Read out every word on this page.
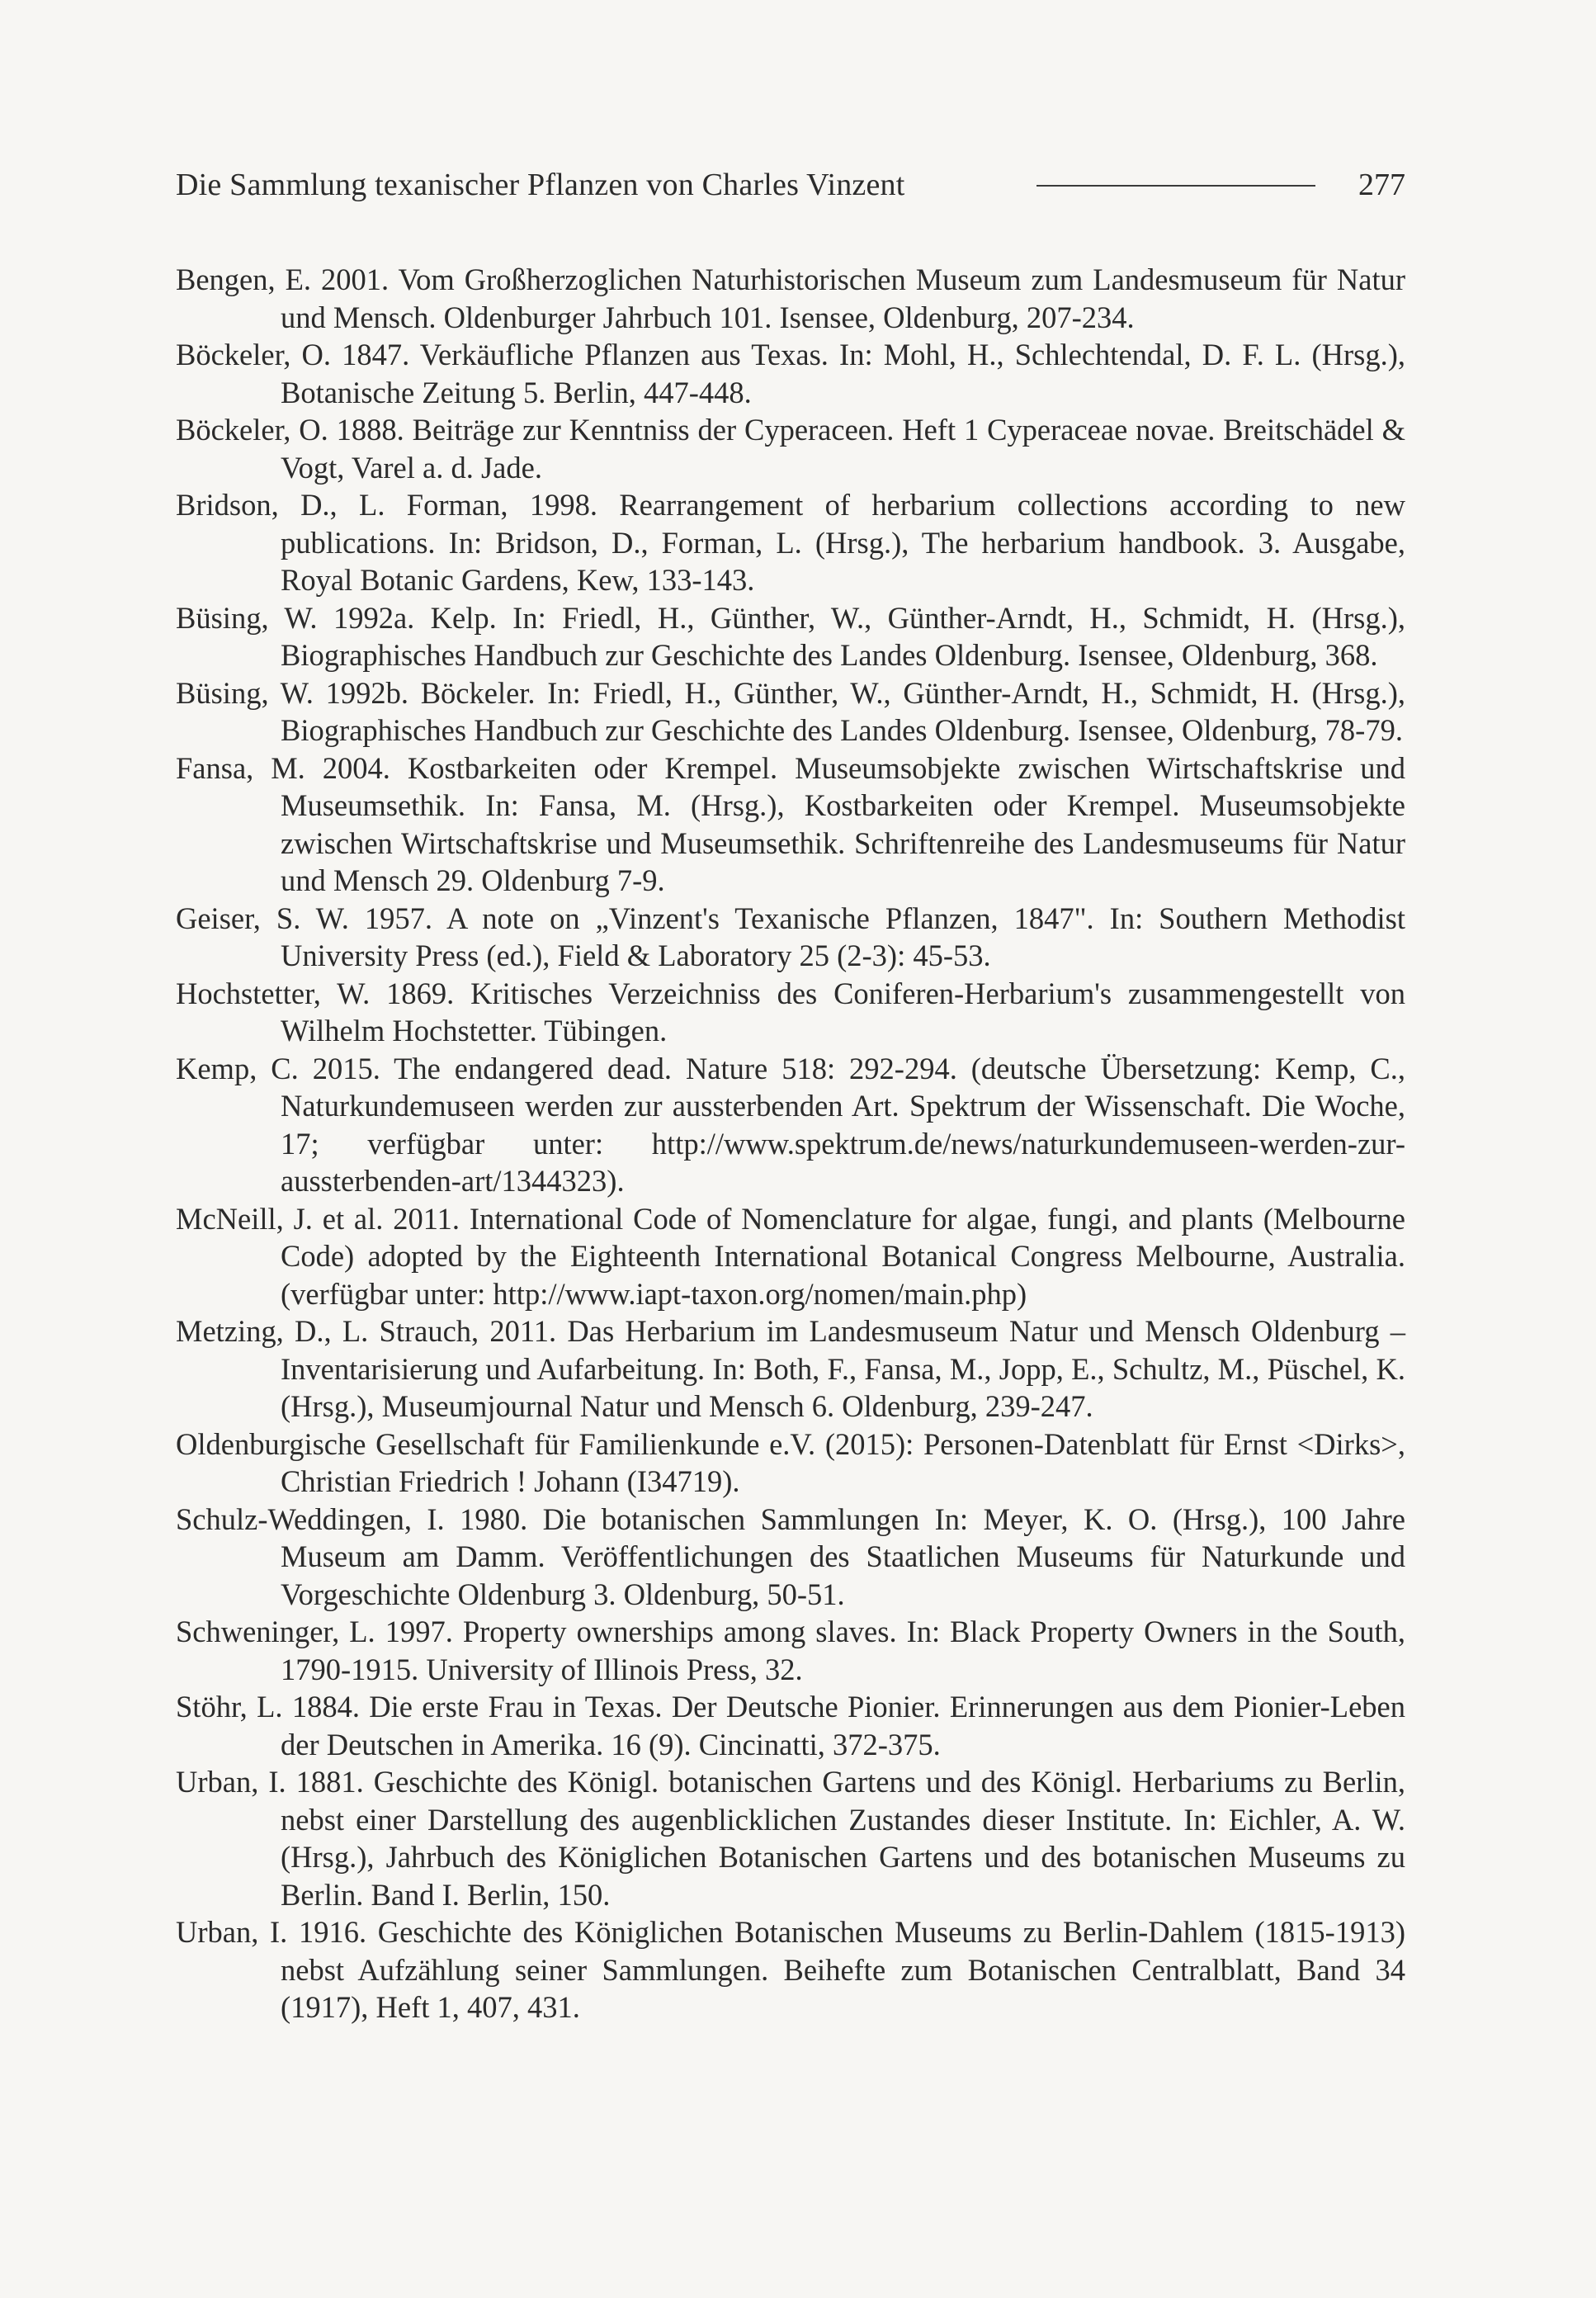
Die Sammlung texanischer Pflanzen von Charles Vinzent	277
Bengen, E. 2001. Vom Großherzoglichen Naturhistorischen Museum zum Landesmuseum für Natur und Mensch. Oldenburger Jahrbuch 101. Isensee, Oldenburg, 207-234.
Böckeler, O. 1847. Verkäufliche Pflanzen aus Texas. In: Mohl, H., Schlechtendal, D. F. L. (Hrsg.), Botanische Zeitung 5. Berlin, 447-448.
Böckeler, O. 1888. Beiträge zur Kenntniss der Cyperaceen. Heft 1 Cyperaceae novae. Breitschädel & Vogt, Varel a. d. Jade.
Bridson, D., L. Forman, 1998. Rearrangement of herbarium collections according to new publications. In: Bridson, D., Forman, L. (Hrsg.), The herbarium handbook. 3. Ausgabe, Royal Botanic Gardens, Kew, 133-143.
Büsing, W. 1992a. Kelp. In: Friedl, H., Günther, W., Günther-Arndt, H., Schmidt, H. (Hrsg.), Biographisches Handbuch zur Geschichte des Landes Oldenburg. Isensee, Oldenburg, 368.
Büsing, W. 1992b. Böckeler. In: Friedl, H., Günther, W., Günther-Arndt, H., Schmidt, H. (Hrsg.), Biographisches Handbuch zur Geschichte des Landes Oldenburg. Isensee, Oldenburg, 78-79.
Fansa, M. 2004. Kostbarkeiten oder Krempel. Museumsobjekte zwischen Wirtschaftskrise und Museumsethik. In: Fansa, M. (Hrsg.), Kostbarkeiten oder Krempel. Museumsobjekte zwischen Wirtschaftskrise und Museumsethik. Schriftenreihe des Landesmuseums für Natur und Mensch 29. Oldenburg 7-9.
Geiser, S. W. 1957. A note on „Vinzent's Texanische Pflanzen, 1847". In: Southern Methodist University Press (ed.), Field & Laboratory 25 (2-3): 45-53.
Hochstetter, W. 1869. Kritisches Verzeichniss des Coniferen-Herbarium's zusammengestellt von Wilhelm Hochstetter. Tübingen.
Kemp, C. 2015. The endangered dead. Nature 518: 292-294. (deutsche Übersetzung: Kemp, C., Naturkundemuseen werden zur aussterbenden Art. Spektrum der Wissenschaft. Die Woche, 17; verfügbar unter: http://www.spektrum.de/news/naturkundemuseen-werden-zur-aussterbenden-art/1344323).
McNeill, J. et al. 2011. International Code of Nomenclature for algae, fungi, and plants (Melbourne Code) adopted by the Eighteenth International Botanical Congress Melbourne, Australia. (verfügbar unter: http://www.iapt-taxon.org/nomen/main.php)
Metzing, D., L. Strauch, 2011. Das Herbarium im Landesmuseum Natur und Mensch Oldenburg – Inventarisierung und Aufarbeitung. In: Both, F., Fansa, M., Jopp, E., Schultz, M., Püschel, K. (Hrsg.), Museumjournal Natur und Mensch 6. Oldenburg, 239-247.
Oldenburgische Gesellschaft für Familienkunde e.V. (2015): Personen-Datenblatt für Ernst <Dirks>, Christian Friedrich ! Johann (I34719).
Schulz-Weddingen, I. 1980. Die botanischen Sammlungen In: Meyer, K. O. (Hrsg.), 100 Jahre Museum am Damm. Veröffentlichungen des Staatlichen Museums für Naturkunde und Vorgeschichte Oldenburg 3. Oldenburg, 50-51.
Schweninger, L. 1997. Property ownerships among slaves. In: Black Property Owners in the South, 1790-1915. University of Illinois Press, 32.
Stöhr, L. 1884. Die erste Frau in Texas. Der Deutsche Pionier. Erinnerungen aus dem Pionier-Leben der Deutschen in Amerika. 16 (9). Cincinatti, 372-375.
Urban, I. 1881. Geschichte des Königl. botanischen Gartens und des Königl. Herbariums zu Berlin, nebst einer Darstellung des augenblicklichen Zustandes dieser Institute. In: Eichler, A. W. (Hrsg.), Jahrbuch des Königlichen Botanischen Gartens und des botanischen Museums zu Berlin. Band I. Berlin, 150.
Urban, I. 1916. Geschichte des Königlichen Botanischen Museums zu Berlin-Dahlem (1815-1913) nebst Aufzählung seiner Sammlungen. Beihefte zum Botanischen Centralblatt, Band 34 (1917), Heft 1, 407, 431.
